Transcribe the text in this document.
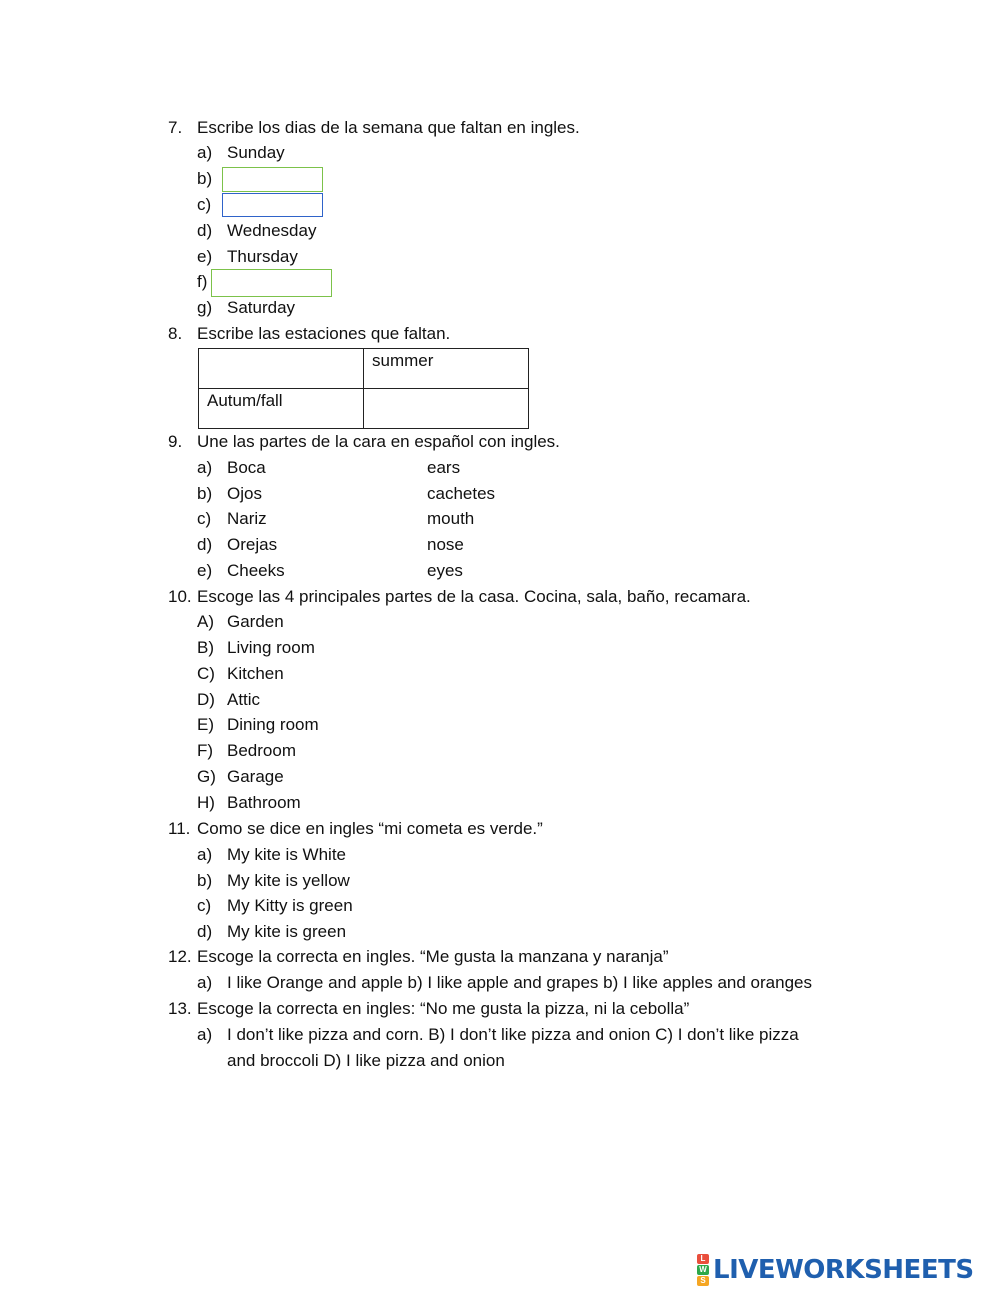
7. Escribe los dias de la semana que faltan en ingles.
a) Sunday
b)
c)
d) Wednesday
e) Thursday
f)
g) Saturday
8. Escribe las estaciones que faltan.
	summer
Autum/fall	
9. Une las partes de la cara en español con ingles.
a) Boca	ears
b) Ojos	cachetes
c) Nariz	mouth
d) Orejas	nose
e) Cheeks	eyes
10. Escoge las 4 principales partes de la casa. Cocina, sala, baño, recamara.
A) Garden
B) Living room
C) Kitchen
D) Attic
E) Dining room
F) Bedroom
G) Garage
H) Bathroom
11. Como se dice en ingles “mi cometa es verde.”
a) My kite is White
b) My kite is yellow
c) My Kitty is green
d) My kite is green
12. Escoge la correcta en ingles. “Me gusta la manzana y naranja”
a) I like Orange and apple b) I like apple and grapes b) I like apples and oranges
13. Escoge la correcta en ingles: “No me gusta la pizza, ni la cebolla”
a) I don’t like pizza and corn. B) I don’t like pizza and onion C) I don’t like pizza
and broccoli D) I like pizza and onion
L
W
S LIVEWORKSHEETS
